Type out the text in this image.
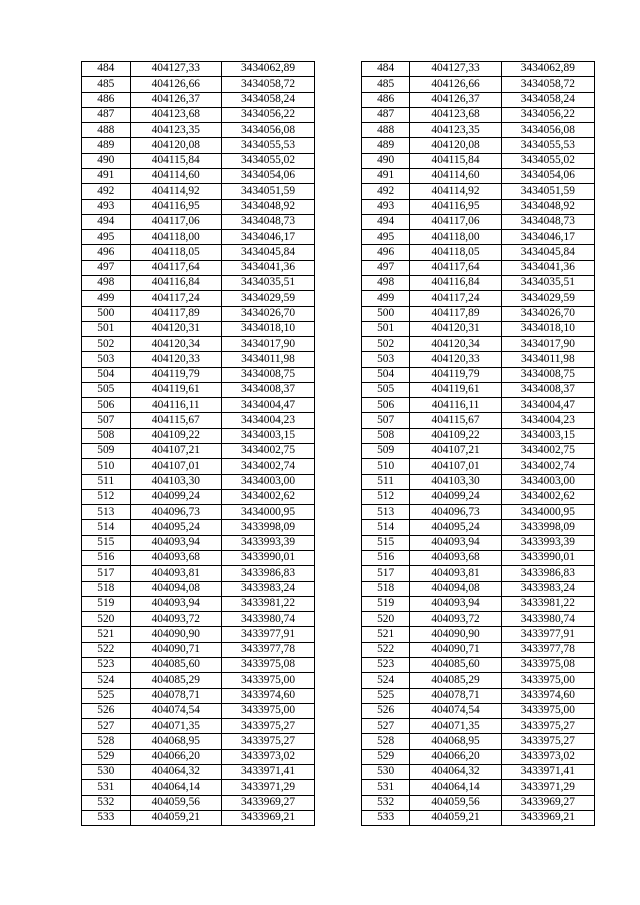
484	404127,33	3434062,89		484	404127,33	3434062,89
485	404126,66	3434058,72		485	404126,66	3434058,72
486	404126,37	3434058,24		486	404126,37	3434058,24
487	404123,68	3434056,22		487	404123,68	3434056,22
488	404123,35	3434056,08		488	404123,35	3434056,08
489	404120,08	3434055,53		489	404120,08	3434055,53
490	404115,84	3434055,02		490	404115,84	3434055,02
491	404114,60	3434054,06		491	404114,60	3434054,06
492	404114,92	3434051,59		492	404114,92	3434051,59
493	404116,95	3434048,92		493	404116,95	3434048,92
494	404117,06	3434048,73		494	404117,06	3434048,73
495	404118,00	3434046,17		495	404118,00	3434046,17
496	404118,05	3434045,84		496	404118,05	3434045,84
497	404117,64	3434041,36		497	404117,64	3434041,36
498	404116,84	3434035,51		498	404116,84	3434035,51
499	404117,24	3434029,59		499	404117,24	3434029,59
500	404117,89	3434026,70		500	404117,89	3434026,70
501	404120,31	3434018,10		501	404120,31	3434018,10
502	404120,34	3434017,90		502	404120,34	3434017,90
503	404120,33	3434011,98		503	404120,33	3434011,98
504	404119,79	3434008,75		504	404119,79	3434008,75
505	404119,61	3434008,37		505	404119,61	3434008,37
506	404116,11	3434004,47		506	404116,11	3434004,47
507	404115,67	3434004,23		507	404115,67	3434004,23
508	404109,22	3434003,15		508	404109,22	3434003,15
509	404107,21	3434002,75		509	404107,21	3434002,75
510	404107,01	3434002,74		510	404107,01	3434002,74
511	404103,30	3434003,00		511	404103,30	3434003,00
512	404099,24	3434002,62		512	404099,24	3434002,62
513	404096,73	3434000,95		513	404096,73	3434000,95
514	404095,24	3433998,09		514	404095,24	3433998,09
515	404093,94	3433993,39		515	404093,94	3433993,39
516	404093,68	3433990,01		516	404093,68	3433990,01
517	404093,81	3433986,83		517	404093,81	3433986,83
518	404094,08	3433983,24		518	404094,08	3433983,24
519	404093,94	3433981,22		519	404093,94	3433981,22
520	404093,72	3433980,74		520	404093,72	3433980,74
521	404090,90	3433977,91		521	404090,90	3433977,91
522	404090,71	3433977,78		522	404090,71	3433977,78
523	404085,60	3433975,08		523	404085,60	3433975,08
524	404085,29	3433975,00		524	404085,29	3433975,00
525	404078,71	3433974,60		525	404078,71	3433974,60
526	404074,54	3433975,00		526	404074,54	3433975,00
527	404071,35	3433975,27		527	404071,35	3433975,27
528	404068,95	3433975,27		528	404068,95	3433975,27
529	404066,20	3433973,02		529	404066,20	3433973,02
530	404064,32	3433971,41		530	404064,32	3433971,41
531	404064,14	3433971,29		531	404064,14	3433971,29
532	404059,56	3433969,27		532	404059,56	3433969,27
533	404059,21	3433969,21		533	404059,21	3433969,21
